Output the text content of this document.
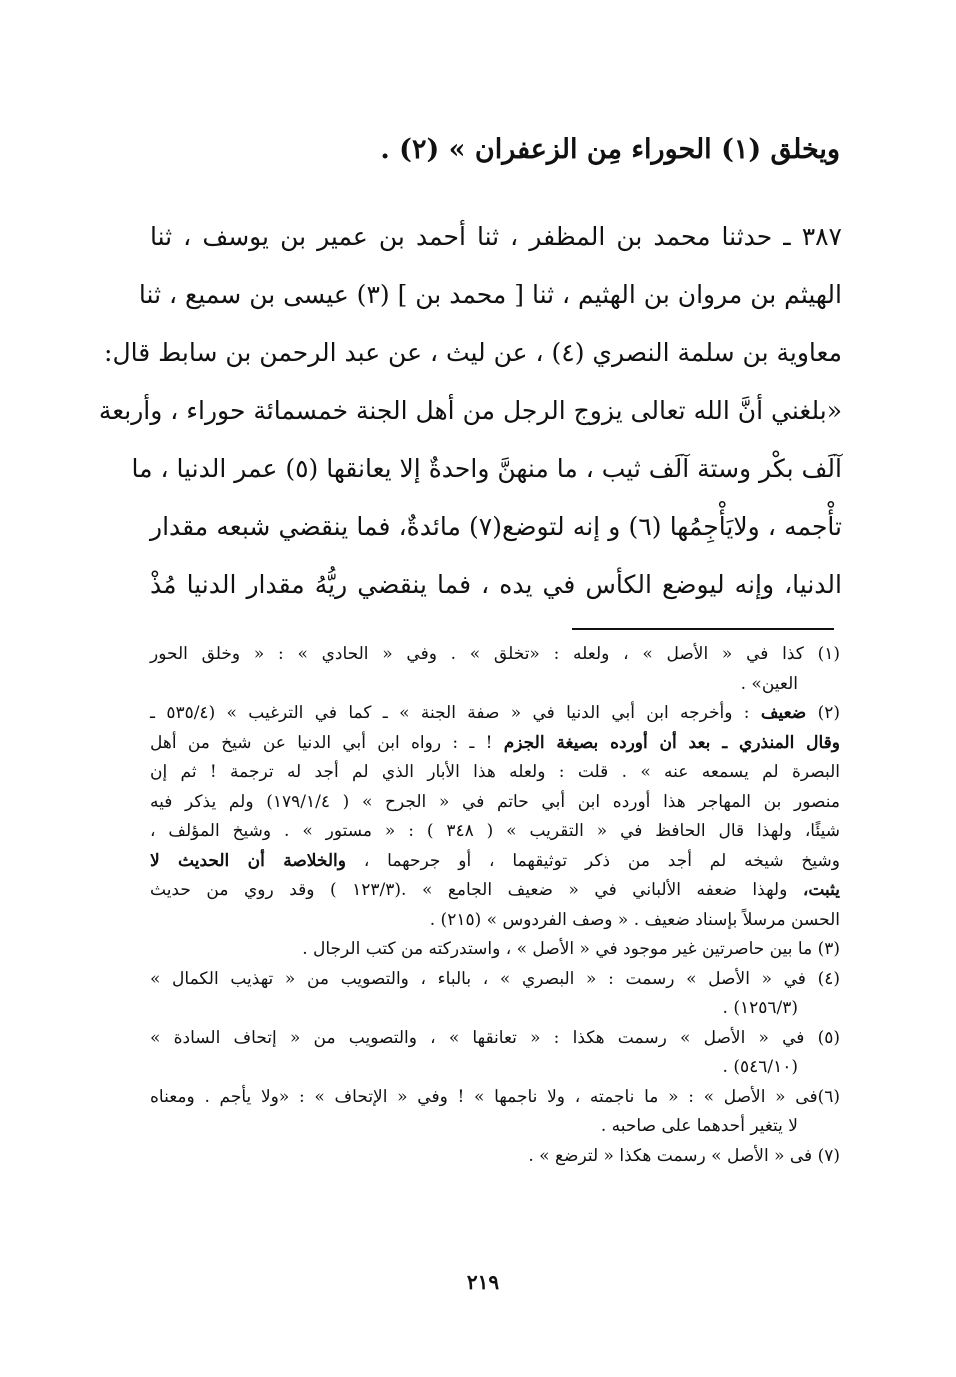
ويخلق (١) الحوراء مِن الزعفران » (٢) .
٣٨٧ ـ حدثنا محمد بن المظفر ، ثنا أحمد بن عمير بن يوسف ، ثنا
الهيثم بن مروان بن الهثيم ، ثنا [ محمد بن ] (٣) عيسى بن سميع ، ثنا
معاوية بن سلمة النصري (٤) ، عن ليث ، عن عبد الرحمن بن سابط قال:
«بلغني أنَّ الله تعالى يزوج الرجل من أهل الجنة خمسمائة حوراء ، وأربعة
آلَف بكْر وستة آلَف ثيب ، ما منهنَّ واحدةٌ إلا يعانقها (٥) عمر الدنيا ، ما
تأْجمه ، ولايَأْجِمُها (٦) و إنه لتوضع(٧) مائدةٌ، فما ينقضي شبعه مقدار
الدنيا، وإنه ليوضع الكأس في يده ، فما ينقضي ريُّهُ مقدار الدنيا مُذْ
(١) كذا في « الأصل » ، ولعله : «تخلق » . وفي « الحادي » : « وخلق الحور
العين» .
(٢) ضعيف : وأخرجه ابن أبي الدنيا في « صفة الجنة » ـ كما في الترغيب » (٥٣٥/٤ ـ
وقال المنذري ـ بعد أن أورده بصيغة الجزم ! ـ : رواه ابن أبي الدنيا عن شيخ من أهل
البصرة لم يسمعه عنه » . قلت : ولعله هذا الأبار الذي لم أجد له ترجمة ! ثم إن
منصور بن المهاجر هذا أورده ابن أبي حاتم في « الجرح » ( ١٧٩/١/٤) ولم يذكر فيه
شيئًا، ولهذا قال الحافظ في « التقريب » ( ٣٤٨ ) : « مستور » . وشيخ المؤلف ،
وشيخ شيخه لم أجد من ذكر توثيقهما ، أو جرحهما ، والخلاصة أن الحديث لا
يثبت، ولهذا ضعفه الألباني في « ضعيف الجامع » .(١٢٣/٣ ) وقد روي من حديث
الحسن مرسلاً بإسناد ضعيف . « وصف الفردوس » (٢١٥) .
(٣) ما بين حاصرتين غير موجود في « الأصل » ، واستدركته من كتب الرجال .
(٤) في « الأصل » رسمت : « البصري » ، بالباء ، والتصويب من « تهذيب الكمال »
(١٢٥٦/٣) .
(٥) في « الأصل » رسمت هكذا : « تعانقها » ، والتصويب من « إتحاف السادة »
(٥٤٦/١٠) .
(٦)فى « الأصل » : « ما ناجمته ، ولا ناجمها » ! وفي « الإتحاف » : «ولا يأجم . ومعناه
لا يتغير أحدهما على صاحبه .
(٧) فى « الأصل » رسمت هكذا « لترضع » .
٢١٩
